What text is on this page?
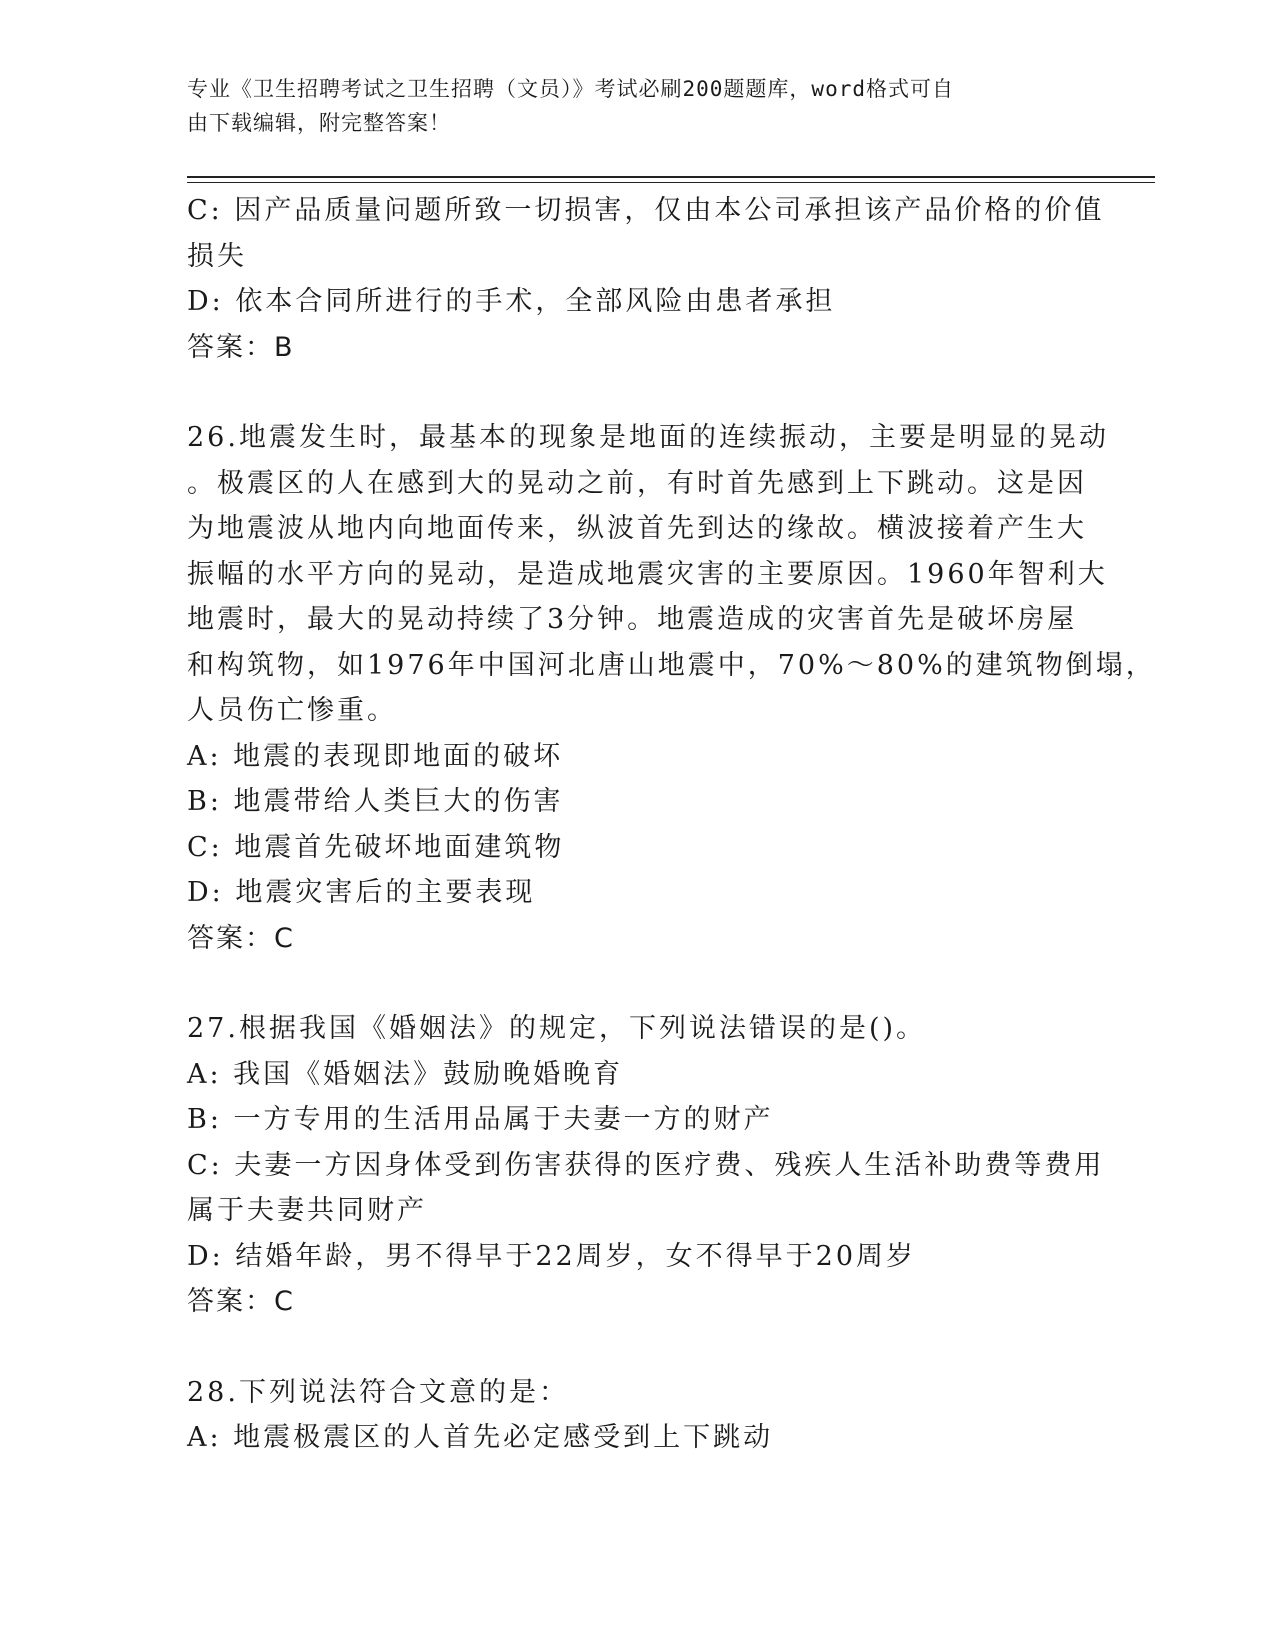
专业《卫生招聘考试之卫生招聘（文员）》考试必刷200题题库，word格式可自
由下载编辑，附完整答案！
C: 因产品质量问题所致一切损害，仅由本公司承担该产品价格的价值
损失
D: 依本合同所进行的手术，全部风险由患者承担
答案：B
26.地震发生时，最基本的现象是地面的连续振动，主要是明显的晃动
。极震区的人在感到大的晃动之前，有时首先感到上下跳动。这是因
为地震波从地内向地面传来，纵波首先到达的缘故。横波接着产生大
振幅的水平方向的晃动，是造成地震灾害的主要原因。1960年智利大
地震时，最大的晃动持续了3分钟。地震造成的灾害首先是破坏房屋
和构筑物，如1976年中国河北唐山地震中，70%～80%的建筑物倒塌，
人员伤亡惨重。
A: 地震的表现即地面的破坏
B: 地震带给人类巨大的伤害
C: 地震首先破坏地面建筑物
D: 地震灾害后的主要表现
答案：C
27.根据我国《婚姻法》的规定，下列说法错误的是()。
A: 我国《婚姻法》鼓励晚婚晚育
B: 一方专用的生活用品属于夫妻一方的财产
C: 夫妻一方因身体受到伤害获得的医疗费、残疾人生活补助费等费用
属于夫妻共同财产
D: 结婚年龄，男不得早于22周岁，女不得早于20周岁
答案：C
28.下列说法符合文意的是：
A: 地震极震区的人首先必定感受到上下跳动
